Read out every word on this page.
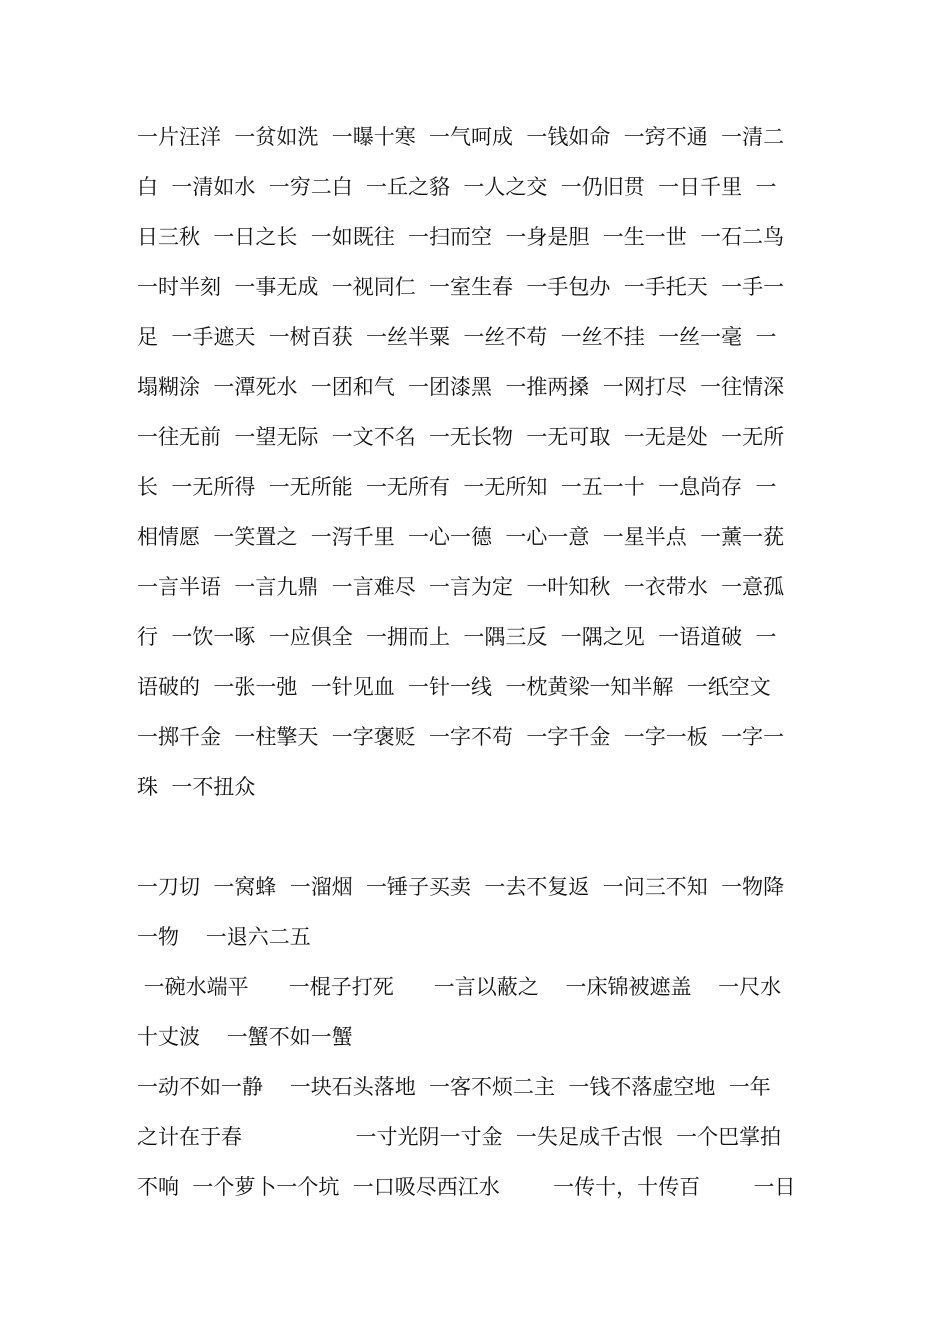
一片汪洋  一贫如洗  一曝十寒  一气呵成  一钱如命  一窍不通  一清二
白  一清如水  一穷二白  一丘之貉  一人之交  一仍旧贯  一日千里  一
日三秋  一日之长  一如既往  一扫而空  一身是胆  一生一世  一石二鸟
一时半刻  一事无成  一视同仁  一室生春  一手包办  一手托天  一手一
足  一手遮天  一树百获  一丝半粟  一丝不苟  一丝不挂  一丝一毫  一
塌糊涂  一潭死水  一团和气  一团漆黑  一推两搡  一网打尽  一往情深
一往无前  一望无际  一文不名  一无长物  一无可取  一无是处  一无所
长  一无所得  一无所能  一无所有  一无所知  一五一十  一息尚存  一
相情愿  一笑置之  一泻千里  一心一德  一心一意  一星半点  一薰一莸
一言半语  一言九鼎  一言难尽  一言为定  一叶知秋  一衣带水  一意孤
行  一饮一啄  一应俱全  一拥而上  一隅三反  一隅之见  一语道破  一
语破的  一张一弛  一针见血  一针一线  一枕黄梁一知半解  一纸空文
一掷千金  一柱擎天  一字褒贬  一字不苟  一字千金  一字一板  一字一
珠  一不扭众
一刀切  一窝蜂  一溜烟  一锤子买卖  一去不复返  一问三不知  一物降
一物    一退六二五
一碗水端平      一棍子打死      一言以蔽之    一床锦被遮盖    一尺水
十丈波    一蟹不如一蟹
一动不如一静    一块石头落地  一客不烦二主  一钱不落虚空地  一年
之计在于春                 一寸光阴一寸金  一失足成千古恨  一个巴掌拍
不响  一个萝卜一个坑  一口吸尽西江水        一传十，十传百        一日
